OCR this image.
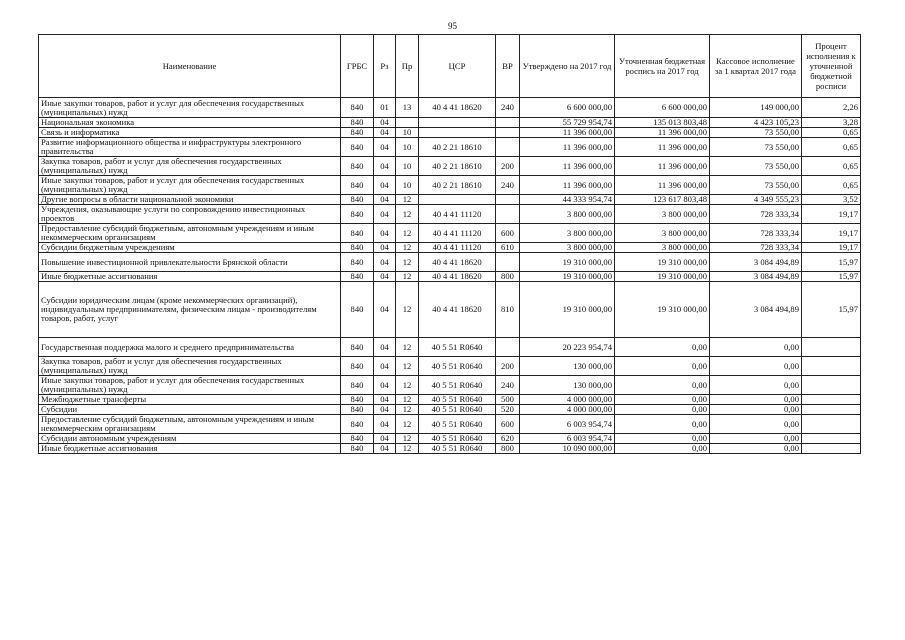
95
Наименование	ГРБС	Рз	Пр	ЦСР	ВР	Утверждено на 2017 год	Уточненная бюджетная роспись на 2017 год	Кассовое исполнение за 1 квартал 2017 года	Процент исполнения к уточненной бюджетной росписи
Иные закупки товаров, работ и услуг для обеспечения государственных (муниципальных) нужд	840	01	13	40 4 41 18620	240	6 600 000,00	6 600 000,00	149 000,00	2,26
Национальная экономика	840	04				55 729 954,74	135 013 803,48	4 423 105,23	3,28
Связь и информатика	840	04	10			11 396 000,00	11 396 000,00	73 550,00	0,65
Развитие информационного общества и инфраструктуры электронного правительства	840	04	10	40 2 21 18610		11 396 000,00	11 396 000,00	73 550,00	0,65
Закупка товаров, работ и услуг для обеспечения государственных (муниципальных) нужд	840	04	10	40 2 21 18610	200	11 396 000,00	11 396 000,00	73 550,00	0,65
Иные закупки товаров, работ и услуг для обеспечения государственных (муниципальных) нужд	840	04	10	40 2 21 18610	240	11 396 000,00	11 396 000,00	73 550,00	0,65
Другие вопросы в области национальной экономики	840	04	12			44 333 954,74	123 617 803,48	4 349 555,23	3,52
Учреждения, оказывающие услуги по сопровождению инвестиционных проектов	840	04	12	40 4 41 11120		3 800 000,00	3 800 000,00	728 333,34	19,17
Предоставление субсидий бюджетным, автономным учреждениям и иным некоммерческим организациям	840	04	12	40 4 41 11120	600	3 800 000,00	3 800 000,00	728 333,34	19,17
Субсидии бюджетным учреждениям	840	04	12	40 4 41 11120	610	3 800 000,00	3 800 000,00	728 333,34	19,17
Повышение инвестиционной привлекательности Брянской области	840	04	12	40 4 41 18620		19 310 000,00	19 310 000,00	3 084 494,89	15,97
Иные бюджетные ассигнования	840	04	12	40 4 41 18620	800	19 310 000,00	19 310 000,00	3 084 494,89	15,97
Субсидии юридическим лицам (кроме некоммерческих организаций), индивидуальным предпринимателям, физическим лицам - производителям товаров, работ, услуг	840	04	12	40 4 41 18620	810	19 310 000,00	19 310 000,00	3 084 494,89	15,97
Государственная поддержка малого и среднего предпринимательства	840	04	12	40 5 51 R0640		20 223 954,74	0,00	0,00	
Закупка товаров, работ и услуг для обеспечения государственных (муниципальных) нужд	840	04	12	40 5 51 R0640	200	130 000,00	0,00	0,00	
Иные закупки товаров, работ и услуг для обеспечения государственных (муниципальных) нужд	840	04	12	40 5 51 R0640	240	130 000,00	0,00	0,00	
Межбюджетные трансферты	840	04	12	40 5 51 R0640	500	4 000 000,00	0,00	0,00	
Субсидии	840	04	12	40 5 51 R0640	520	4 000 000,00	0,00	0,00	
Предоставление субсидий бюджетным, автономным учреждениям и иным некоммерческим организациям	840	04	12	40 5 51 R0640	600	6 003 954,74	0,00	0,00	
Субсидии автономным учреждениям	840	04	12	40 5 51 R0640	620	6 003 954,74	0,00	0,00	
Иные бюджетные ассигнования	840	04	12	40 5 51 R0640	800	10 090 000,00	0,00	0,00	
